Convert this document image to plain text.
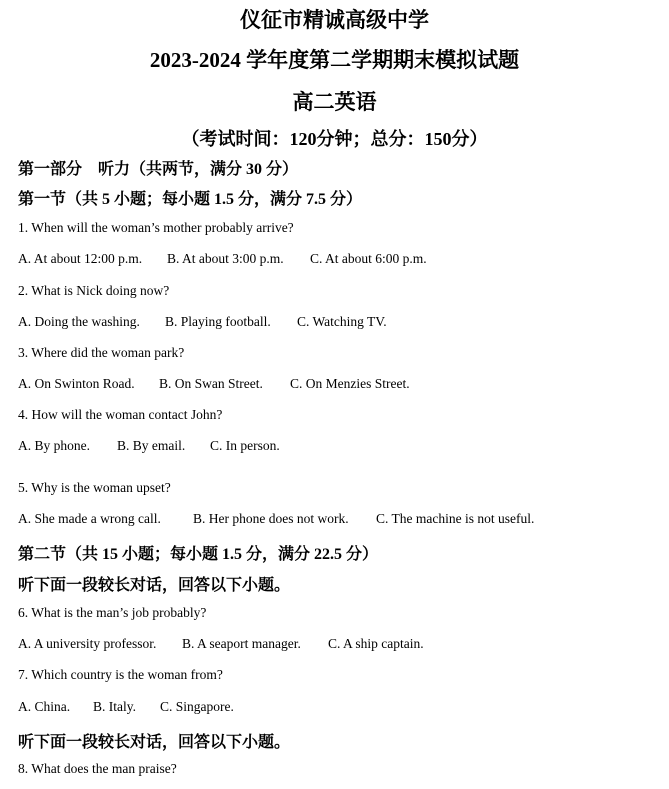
仪征市精诚高级中学
2023-2024 学年度第二学期期末模拟试题
高二英语
（考试时间：120分钟；总分：150分）
第一部分　听力（共两节，满分 30 分）
第一节（共 5 小题；每小题 1.5 分，满分 7.5 分）
1. When will the woman’s mother probably arrive?
A. At about 12:00 p.m. B. At about 3:00 p.m. C. At about 6:00 p.m.
2. What is Nick doing now?
A. Doing the washing. B. Playing football. C. Watching TV.
3. Where did the woman park?
A. On Swinton Road. B. On Swan Street. C. On Menzies Street.
4. How will the woman contact John?
A. By phone. B. By email. C. In person.
5. Why is the woman upset?
A. She made a wrong call. B. Her phone does not work. C. The machine is not useful.
第二节（共 15 小题；每小题 1.5 分，满分 22.5 分）
听下面一段较长对话，回答以下小题。
6. What is the man’s job probably?
A. A university professor. B. A seaport manager. C. A ship captain.
7. Which country is the woman from?
A. China. B. Italy. C. Singapore.
听下面一段较长对话，回答以下小题。
8. What does the man praise?
